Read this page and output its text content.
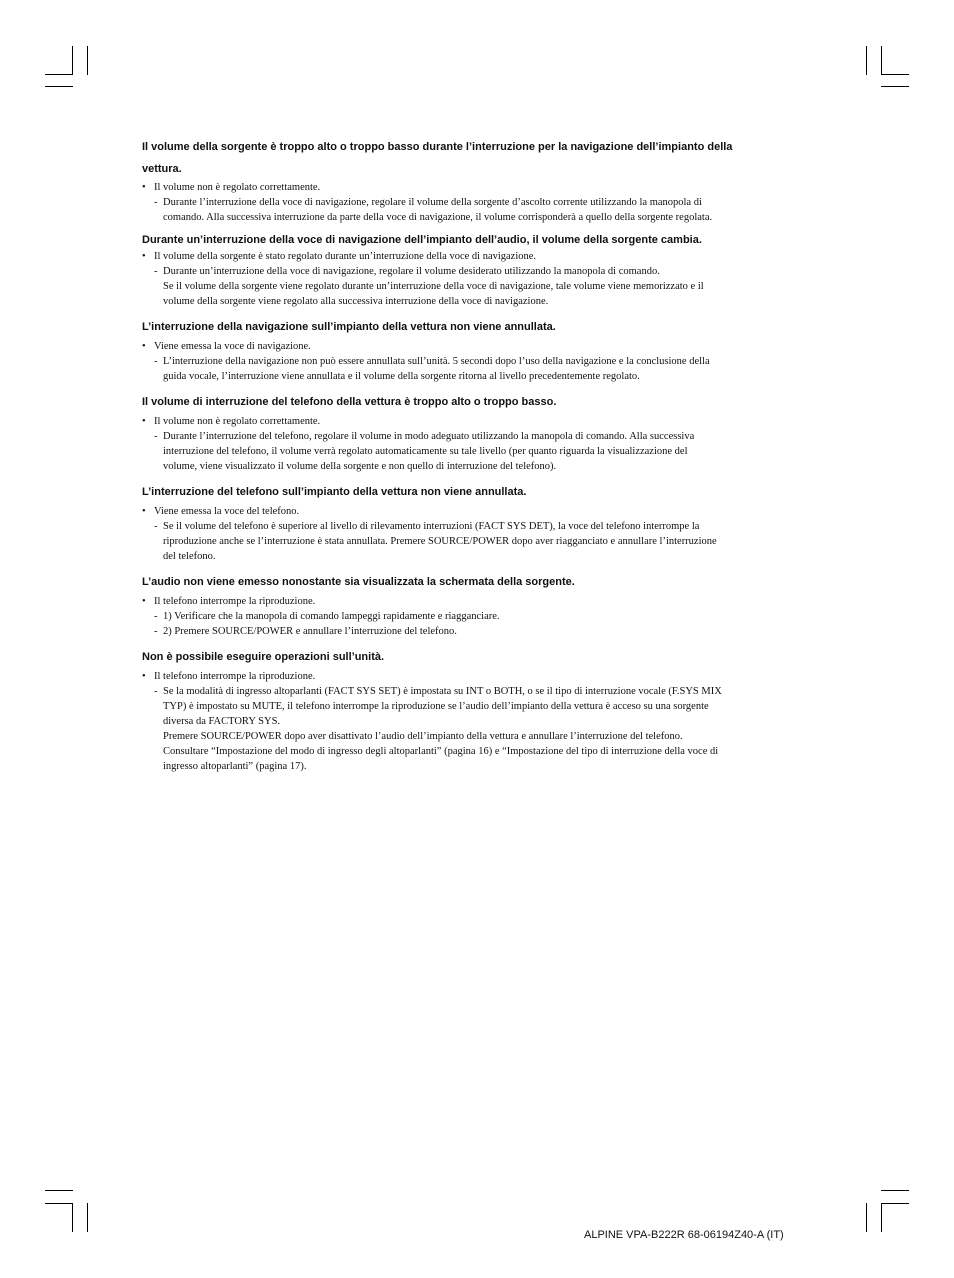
Il volume della sorgente è troppo alto o troppo basso durante l’interruzione per la navigazione dell’impianto della

vettura.

• Il volume non è regolato correttamente.

- Durante l’interruzione della voce di navigazione, regolare il volume della sorgente d’ascolto corrente utilizzando la manopola di

comando. Alla successiva interruzione da parte della voce di navigazione, il volume corrisponderà a quello della sorgente regolata.

Durante un’interruzione della voce di navigazione dell’impianto dell’audio, il volume della sorgente cambia.

• Il volume della sorgente è stato regolato durante un’interruzione della voce di navigazione.

- Durante un’interruzione della voce di navigazione, regolare il volume desiderato utilizzando la manopola di comando.

Se il volume della sorgente viene regolato durante un’interruzione della voce di navigazione, tale volume viene memorizzato e il

volume della sorgente viene regolato alla successiva interruzione della voce di navigazione.

L’interruzione della navigazione sull’impianto della vettura non viene annullata.

• Viene emessa la voce di navigazione.

- L’interruzione della navigazione non può essere annullata sull’unità. 5 secondi dopo l’uso della navigazione e la conclusione della

guida vocale, l’interruzione viene annullata e il volume della sorgente ritorna al livello precedentemente regolato.

Il volume di interruzione del telefono della vettura è troppo alto o troppo basso.

• Il volume non è regolato correttamente.

- Durante l’interruzione del telefono, regolare il volume in modo adeguato utilizzando la manopola di comando. Alla successiva

interruzione del telefono, il volume verrà regolato automaticamente su tale livello (per quanto riguarda la visualizzazione del

volume, viene visualizzato il volume della sorgente e non quello di interruzione del telefono).

L’interruzione del telefono sull’impianto della vettura non viene annullata.

• Viene emessa la voce del telefono.

- Se il volume del telefono è superiore al livello di rilevamento interruzioni (FACT SYS DET), la voce del telefono interrompe la

riproduzione anche se l’interruzione è stata annullata. Premere SOURCE/POWER dopo aver riagganciato e annullare l’interruzione

del telefono.

L’audio non viene emesso nonostante sia visualizzata la schermata della sorgente.

• Il telefono interrompe la riproduzione.

- 1) Verificare che la manopola di comando lampeggi rapidamente e riagganciare.

- 2) Premere SOURCE/POWER e annullare l’interruzione del telefono.

Non è possibile eseguire operazioni sull’unità.

• Il telefono interrompe la riproduzione.

- Se la modalità di ingresso altoparlanti (FACT SYS SET) è impostata su INT o BOTH, o se il tipo di interruzione vocale (F.SYS MIX

TYP) è impostato su MUTE, il telefono interrompe la riproduzione se l’audio dell’impianto della vettura è acceso su una sorgente

diversa da FACTORY SYS.

Premere SOURCE/POWER dopo aver disattivato l’audio dell’impianto della vettura e annullare l’interruzione del telefono.

Consultare “Impostazione del modo di ingresso degli altoparlanti” (pagina 16) e “Impostazione del tipo di interruzione della voce di

ingresso altoparlanti” (pagina 17).

ALPINE VPA-B222R 68-06194Z40-A (IT)
